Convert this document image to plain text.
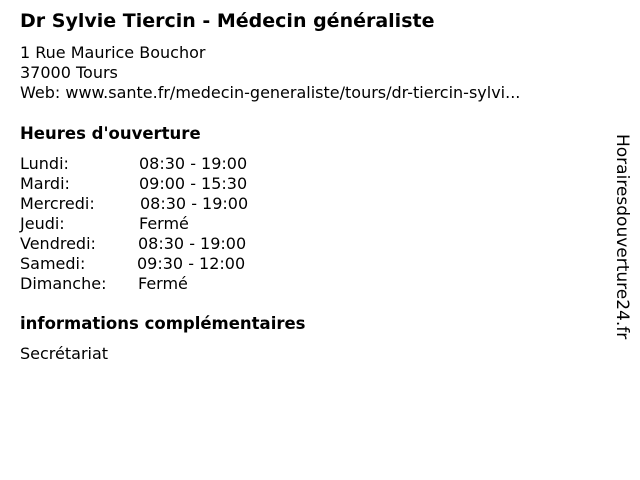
Dr Sylvie Tiercin - Médecin généraliste
1 Rue Maurice Bouchor
37000 Tours
Web: www.sante.fr/medecin-generaliste/tours/dr-tiercin-sylvi...
Heures d'ouverture
Lundi:	08:30 - 19:00
Mardi:	09:00 - 15:30
Mercredi:	08:30 - 19:00
Jeudi:	Fermé
Vendredi:	08:30 - 19:00
Samedi:	09:30 - 12:00
Dimanche: Fermé
informations complémentaires
Secrétariat
Horairesdouverture24.fr
